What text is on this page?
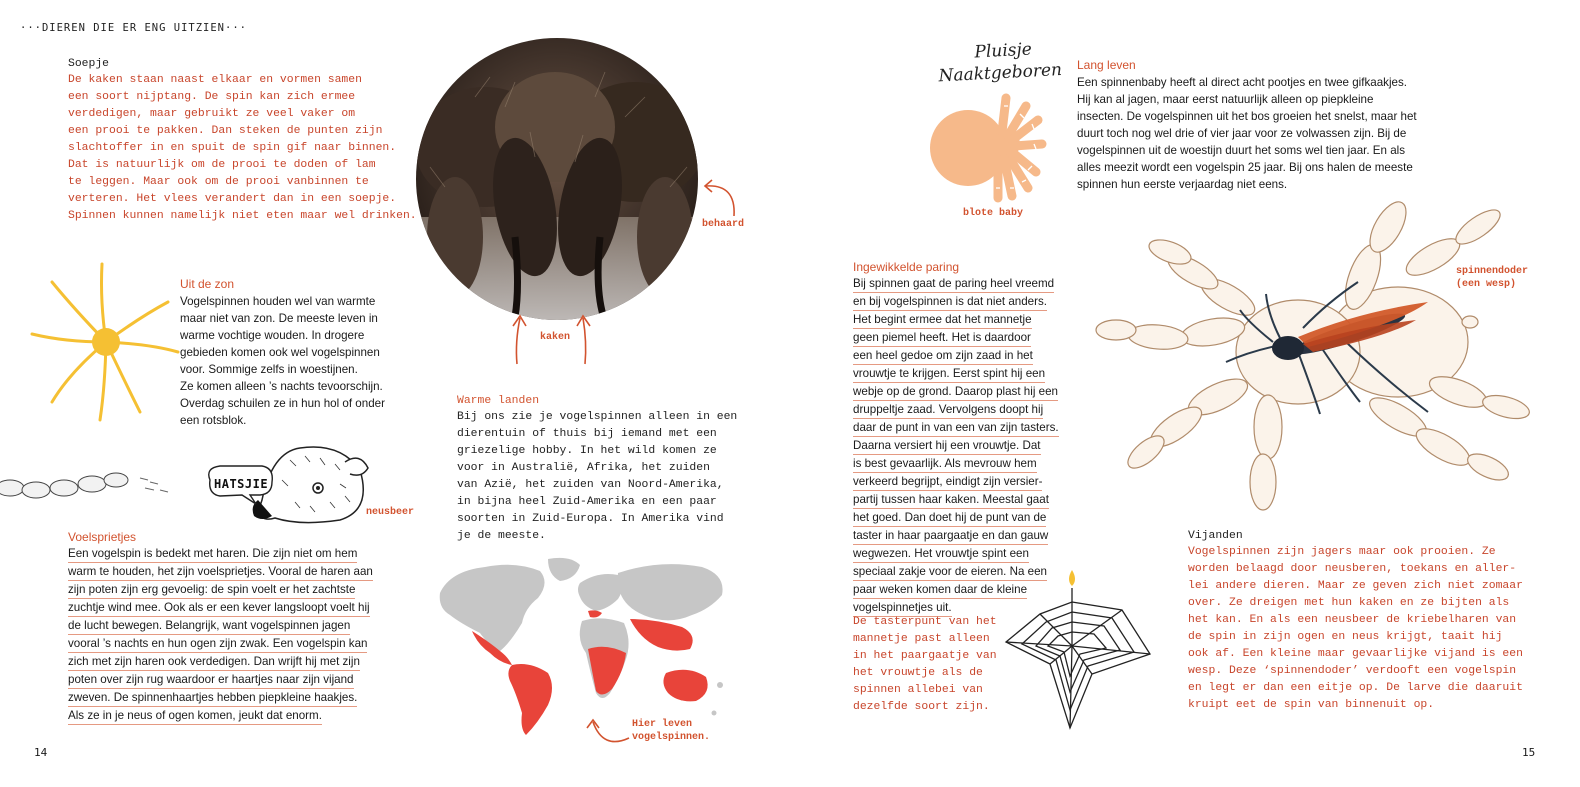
···DIEREN DIE ER ENG UITZIEN···
14	15
Soepje
De kaken staan naast elkaar en vormen samen
een soort nijptang. De spin kan zich ermee
verdedigen, maar gebruikt ze veel vaker om
een prooi te pakken. Dan steken de punten zijn
slachtoffer in en spuit de spin gif naar binnen.
Dat is natuurlijk om de prooi te doden of lam
te leggen. Maar ook om de prooi vanbinnen te
verteren. Het vlees verandert dan in een soepje.
Spinnen kunnen namelijk niet eten maar wel drinken.
behaard
kaken
Uit de zon
Vogelspinnen houden wel van warmte
maar niet van zon. De meeste leven in
warme vochtige wouden. In drogere
gebieden komen ook wel vogelspinnen
voor. Sommige zelfs in woestijnen.
Ze komen alleen ’s nachts tevoorschijn.
Overdag schuilen ze in hun hol of onder
een rotsblok.
HATSJIE
neusbeer
Voelsprietjes
Een vogelspin is bedekt met haren. Die zijn niet om hem
warm te houden, het zijn voelsprietjes. Vooral de haren aan
zijn poten zijn erg gevoelig: de spin voelt er het zachtste
zuchtje wind mee. Ook als er een kever langsloopt voelt hij
de lucht bewegen. Belangrijk, want vogelspinnen jagen
vooral ’s nachts en hun ogen zijn zwak. Een vogelspin kan
zich met zijn haren ook verdedigen. Dan wrijft hij met zijn
poten over zijn rug waardoor er haartjes naar zijn vijand
zweven. De spinnenhaartjes hebben piepkleine haakjes.
Als ze in je neus of ogen komen, jeukt dat enorm.
Warme landen
Bij ons zie je vogelspinnen alleen in een
dierentuin of thuis bij iemand met een
griezelige hobby. In het wild komen ze
voor in Australië, Afrika, het zuiden
van Azië, het zuiden van Noord-Amerika,
in bijna heel Zuid-Amerika en een paar
soorten in Zuid-Europa. In Amerika vind
je de meeste.
Hier leven
vogelspinnen.
Pluisje
Naaktgeboren
blote baby
Lang leven
Een spinnenbaby heeft al direct acht pootjes en twee gifkaakjes.
Hij kan al jagen, maar eerst natuurlijk alleen op piepkleine
insecten. De vogelspinnen uit het bos groeien het snelst, maar het
duurt toch nog wel drie of vier jaar voor ze volwassen zijn. Bij de
vogelspinnen uit de woestijn duurt het soms wel tien jaar. En als
alles meezit wordt een vogelspin 25 jaar. Bij ons halen de meeste
spinnen hun eerste verjaardag niet eens.
Ingewikkelde paring
Bij spinnen gaat de paring heel vreemd
en bij vogelspinnen is dat niet anders.
Het begint ermee dat het mannetje
geen piemel heeft. Het is daardoor
een heel gedoe om zijn zaad in het
vrouwtje te krijgen. Eerst spint hij een
webje op de grond. Daarop plast hij een
druppeltje zaad. Vervolgens doopt hij
daar de punt in van een van zijn tasters.
Daarna versiert hij een vrouwtje. Dat
is best gevaarlijk. Als mevrouw hem
verkeerd begrijpt, eindigt zijn versier-
partij tussen haar kaken. Meestal gaat
het goed. Dan doet hij de punt van de
taster in haar paargaatje en dan gauw
wegwezen. Het vrouwtje spint een
speciaal zakje voor de eieren. Na een
paar weken komen daar de kleine
vogelspinnetjes uit.
spinnendoder
(een wesp)
De tasterpunt van het
mannetje past alleen
in het paargaatje van
het vrouwtje als de
spinnen allebei van
dezelfde soort zijn.
Vijanden
Vogelspinnen zijn jagers maar ook prooien. Ze
worden belaagd door neusberen, toekans en aller-
lei andere dieren. Maar ze geven zich niet zomaar
over. Ze dreigen met hun kaken en ze bijten als
het kan. En als een neusbeer de kriebelharen van
de spin in zijn ogen en neus krijgt, taait hij
ook af. Een kleine maar gevaarlijke vijand is een
wesp. Deze ‘spinnendoder’ verdooft een vogelspin
en legt er dan een eitje op. De larve die daaruit
kruipt eet de spin van binnenuit op.
